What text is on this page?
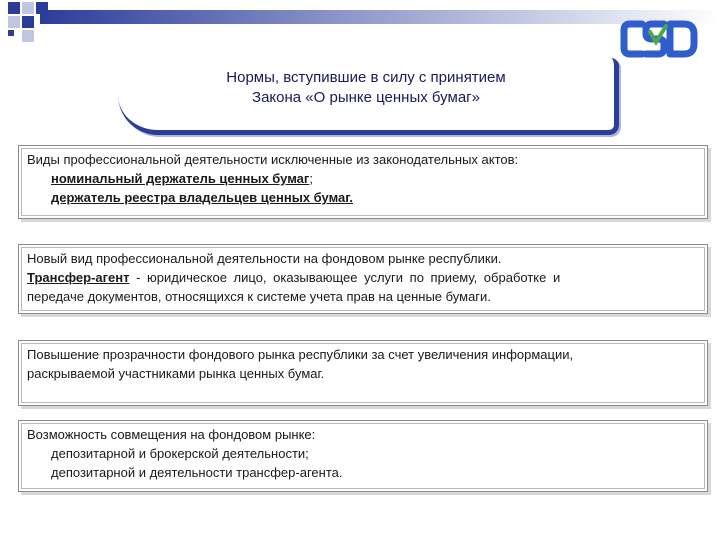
Нормы, вступившие в силу с принятием
Закона «О рынке ценных бумаг»
Виды профессиональной деятельности исключенные из законодательных актов:
номинальный держатель ценных бумаг;
держатель реестра владельцев ценных бумаг.
Новый вид профессиональной деятельности на фондовом рынке республики.
Трансфер-агент - юридическое лицо, оказывающее услуги по приему, обработке и
передаче документов, относящихся к системе учета прав на ценные бумаги.
Повышение прозрачности фондового рынка республики за счет увеличения информации,
раскрываемой участниками рынка ценных бумаг.
Возможность совмещения на фондовом рынке:
депозитарной и брокерской деятельности;
депозитарной и деятельности трансфер-агента.
